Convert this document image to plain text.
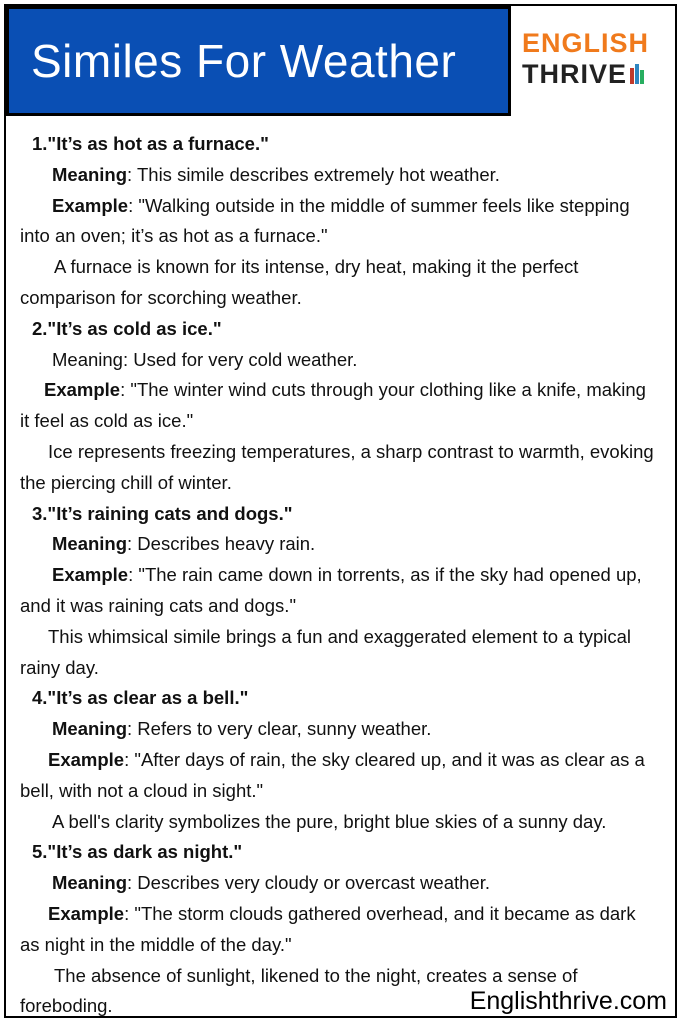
Similes For Weather ENGLISH
THRIVE

1."It’s as hot as a furnace."

Meaning: This simile describes extremely hot weather.

Example: "Walking outside in the middle of summer feels like stepping into an oven; it’s as hot as a furnace."

A furnace is known for its intense, dry heat, making it the perfect comparison for scorching weather.

2."It’s as cold as ice."

Meaning: Used for very cold weather.

Example: "The winter wind cuts through your clothing like a knife, making it feel as cold as ice."

Ice represents freezing temperatures, a sharp contrast to warmth, evoking the piercing chill of winter.

3."It’s raining cats and dogs."

Meaning: Describes heavy rain.

Example: "The rain came down in torrents, as if the sky had opened up, and it was raining cats and dogs."

This whimsical simile brings a fun and exaggerated element to a typical rainy day.

4."It’s as clear as a bell."

Meaning: Refers to very clear, sunny weather.

Example: "After days of rain, the sky cleared up, and it was as clear as a bell, with not a cloud in sight."

A bell's clarity symbolizes the pure, bright blue skies of a sunny day.

5."It’s as dark as night."

Meaning: Describes very cloudy or overcast weather.

Example: "The storm clouds gathered overhead, and it became as dark as night in the middle of the day."

The absence of sunlight, likened to the night, creates a sense of foreboding.	Englishthrive.com
